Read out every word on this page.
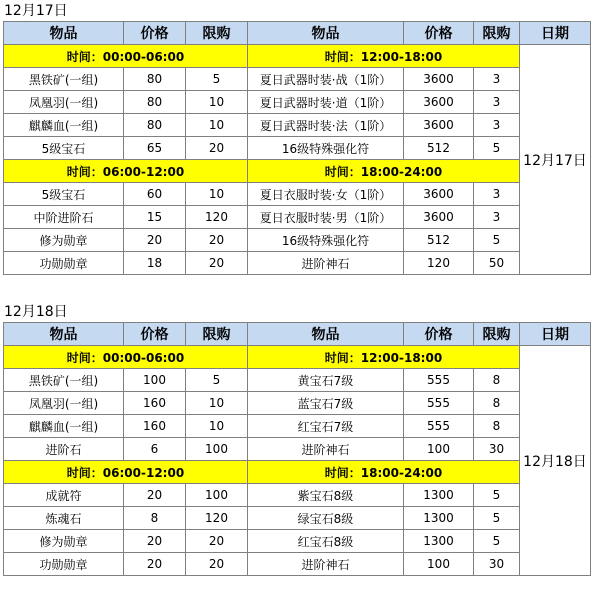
12月17日
物品	价格	限购	物品	价格	限购	日期
时间：00:00-06:00			时间：12:00-18:00			12月17日
黑铁矿(一组)	80	5	夏日武器时装·战（1阶）	3600	3	
凤凰羽(一组)	80	10	夏日武器时装·道（1阶）	3600	3	
麒麟血(一组)	80	10	夏日武器时装·法（1阶）	3600	3	
5级宝石	65	20	16级特殊强化符	512	5	
时间：06:00-12:00			时间：18:00-24:00			
5级宝石	60	10	夏日衣服时装·女（1阶）	3600	3	
中阶进阶石	15	120	夏日衣服时装·男（1阶）	3600	3	
修为勋章	20	20	16级特殊强化符	512	5	
功勋勋章	18	20	进阶神石	120	50	
12月18日
物品	价格	限购	物品	价格	限购	日期
时间：00:00-06:00			时间：12:00-18:00			12月18日
黑铁矿(一组)	100	5	黄宝石7级	555	8	
凤凰羽(一组)	160	10	蓝宝石7级	555	8	
麒麟血(一组)	160	10	红宝石7级	555	8	
进阶石	6	100	进阶神石	100	30	
时间：06:00-12:00			时间：18:00-24:00			
成就符	20	100	紫宝石8级	1300	5	
炼魂石	8	120	绿宝石8级	1300	5	
修为勋章	20	20	红宝石8级	1300	5	
功勋勋章	20	20	进阶神石	100	30	
